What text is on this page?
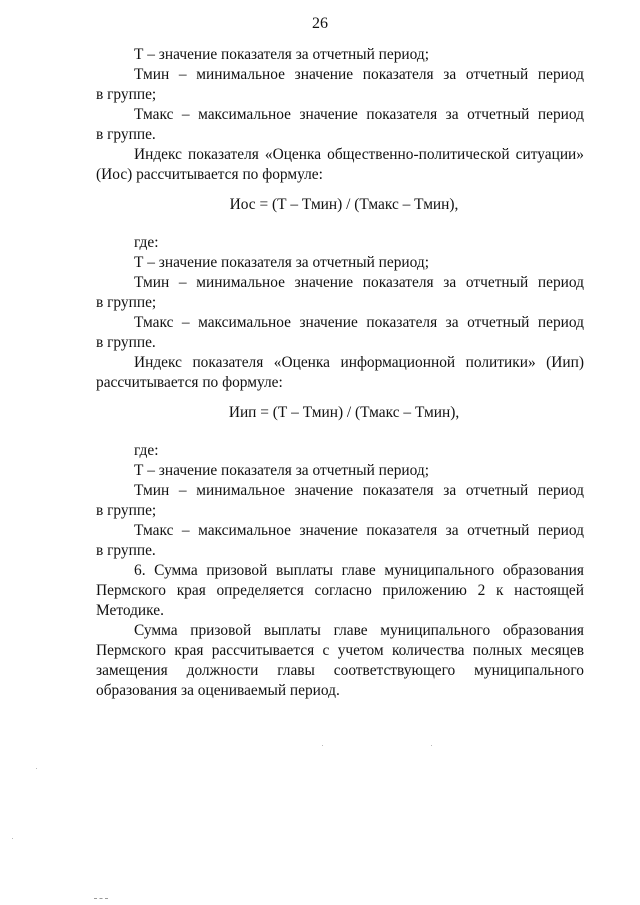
26

Т – значение показателя за отчетный период;

Тмин – минимальное значение показателя за отчетный период

в группе;

Тмакс – максимальное значение показателя за отчетный период

в группе.

Индекс показателя «Оценка общественно-политической ситуации»

(Иос) рассчитывается по формуле:

Иос = (Т – Тмин) / (Тмакс – Тмин),

где:

Т – значение показателя за отчетный период;

Тмин – минимальное значение показателя за отчетный период

в группе;

Тмакс – максимальное значение показателя за отчетный период

в группе.

Индекс показателя «Оценка информационной политики» (Иип)

рассчитывается по формуле:

Иип = (Т – Тмин) / (Тмакс – Тмин),

где:

Т – значение показателя за отчетный период;

Тмин – минимальное значение показателя за отчетный период

в группе;

Тмакс – максимальное значение показателя за отчетный период

в группе.

6. Сумма призовой выплаты главе муниципального образования

Пермского края определяется согласно приложению 2 к настоящей
Методике.

Сумма призовой выплаты главе муниципального образования

Пермского края рассчитывается с учетом количества полных месяцев
замещения должности главы соответствующего муниципального
образования за оцениваемый период.
